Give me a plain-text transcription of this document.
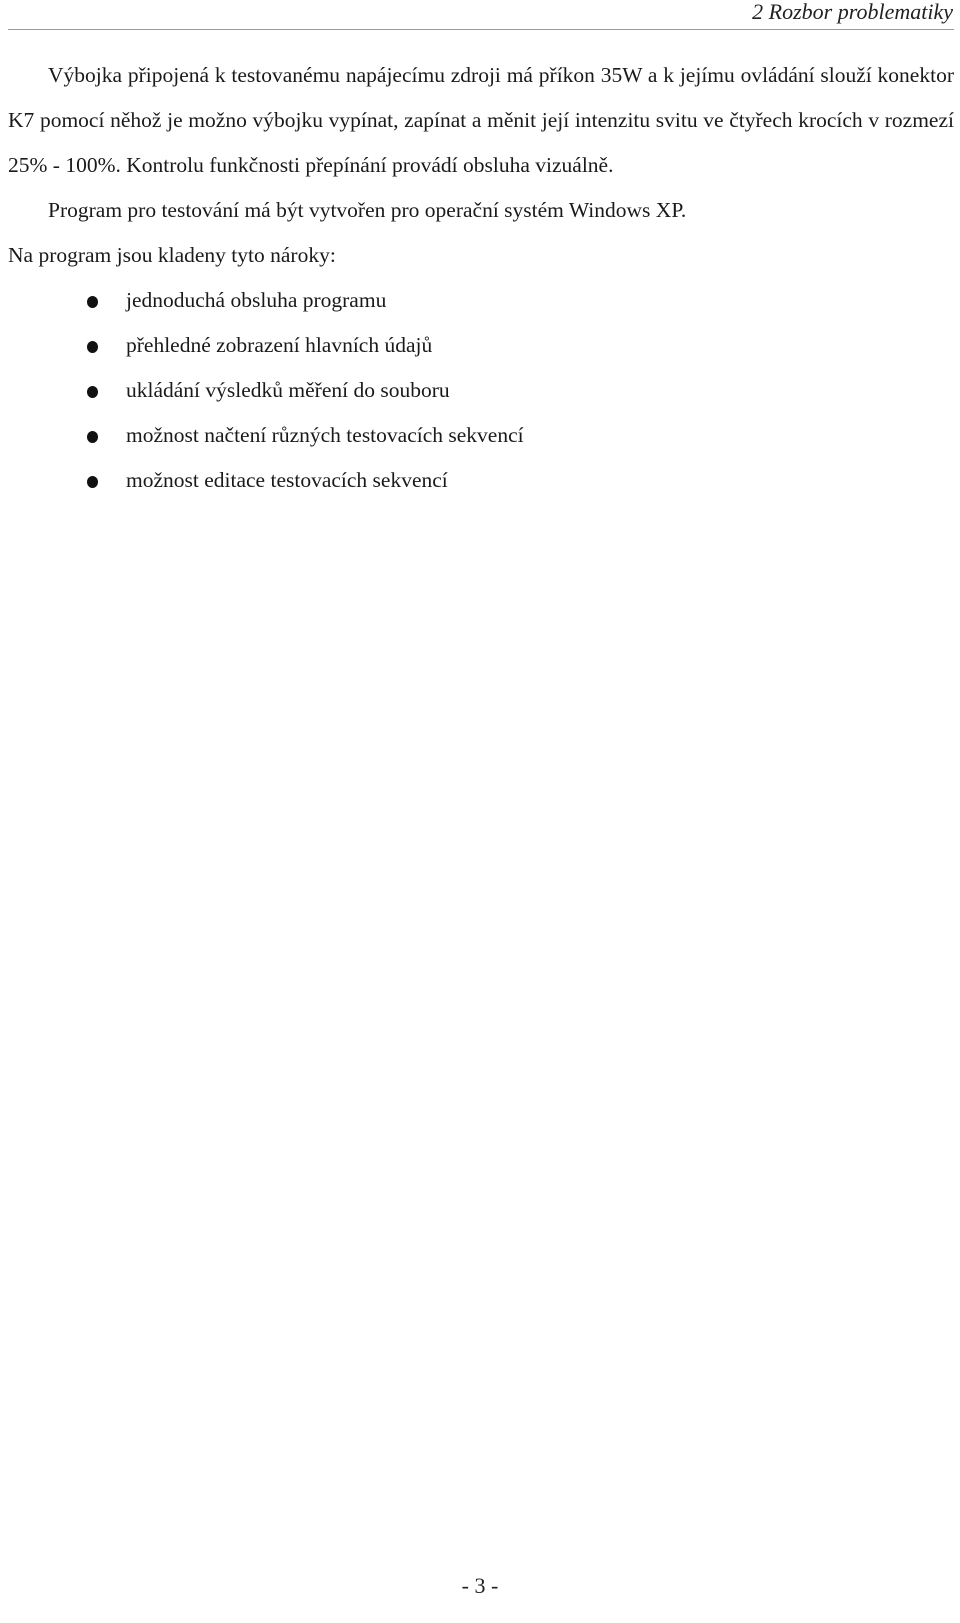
2 Rozbor problematiky

Výbojka připojená k testovanému napájecímu zdroji má příkon 35W a k jejímu ovládání slouží konektor K7 pomocí něhož je možno výbojku vypínat, zapínat a měnit její intenzitu svitu ve čtyřech krocích v rozmezí 25% - 100%. Kontrolu funkčnosti přepínání provádí obsluha vizuálně.

Program pro testování má být vytvořen pro operační systém Windows XP.

Na program jsou kladeny tyto nároky:

jednoduchá obsluha programu
přehledné zobrazení hlavních údajů
ukládání výsledků měření do souboru
možnost načtení různých testovacích sekvencí
možnost editace testovacích sekvencí
- 3 -
